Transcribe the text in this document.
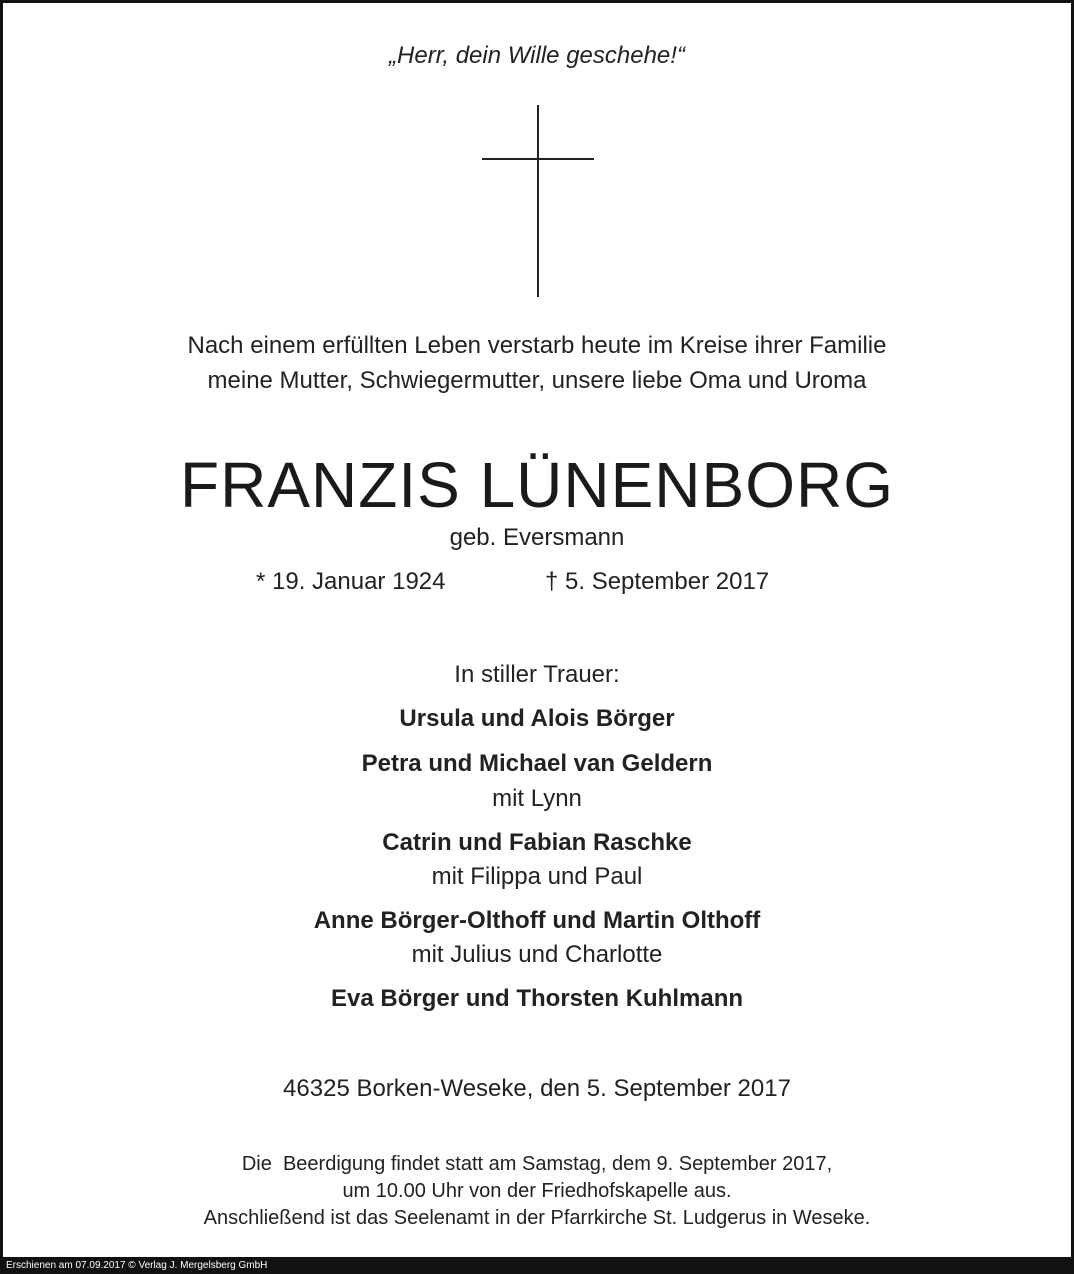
„Herr, dein Wille geschehe!“
Nach einem erfüllten Leben verstarb heute im Kreise ihrer Familie
meine Mutter, Schwiegermutter, unsere liebe Oma und Uroma
FRANZIS LÜNENBORG
geb. Eversmann
* 19. Januar 1924	† 5. September 2017
In stiller Trauer:
Ursula und Alois Börger
Petra und Michael van Geldern
mit Lynn
Catrin und Fabian Raschke
mit Filippa und Paul
Anne Börger-Olthoff und Martin Olthoff
mit Julius und Charlotte
Eva Börger und Thorsten Kuhlmann
46325 Borken-Weseke, den 5. September 2017
Die  Beerdigung findet statt am Samstag, dem 9. September 2017,
um 10.00 Uhr von der Friedhofskapelle aus.
Anschließend ist das Seelenamt in der Pfarrkirche St. Ludgerus in Weseke.
Erschienen am 07.09.2017 © Verlag J. Mergelsberg GmbH
